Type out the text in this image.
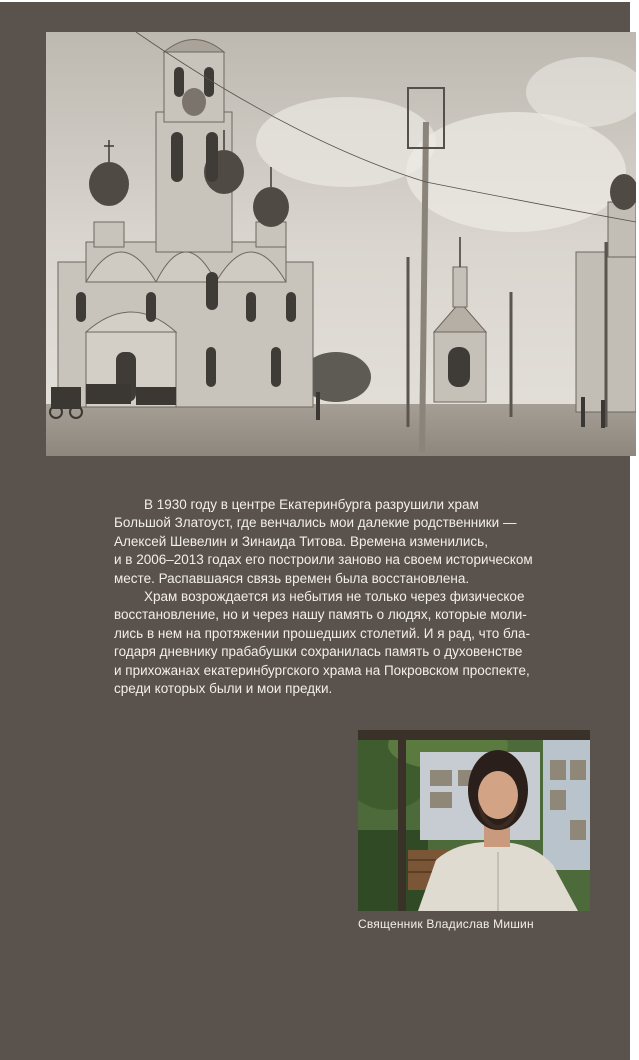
В 1930 году в центре Екатеринбурга разрушили храм
Большой Златоуст, где венчались мои далекие родственники —
Алексей Шевелин и Зинаида Титова. Времена изменились,
и в 2006–2013 годах его построили заново на своем историческом
месте. Распавшаяся связь времен была восстановлена.

Храм возрождается из небытия не только через физическое
восстановление, но и через нашу память о людях, которые моли-
лись в нем на протяжении прошедших столетий. И я рад, что бла-
годаря дневнику прабабушки сохранилась память о духовенстве
и прихожанах екатеринбургского храма на Покровском проспекте,
среди которых были и мои предки.

Священник Владислав Мишин
